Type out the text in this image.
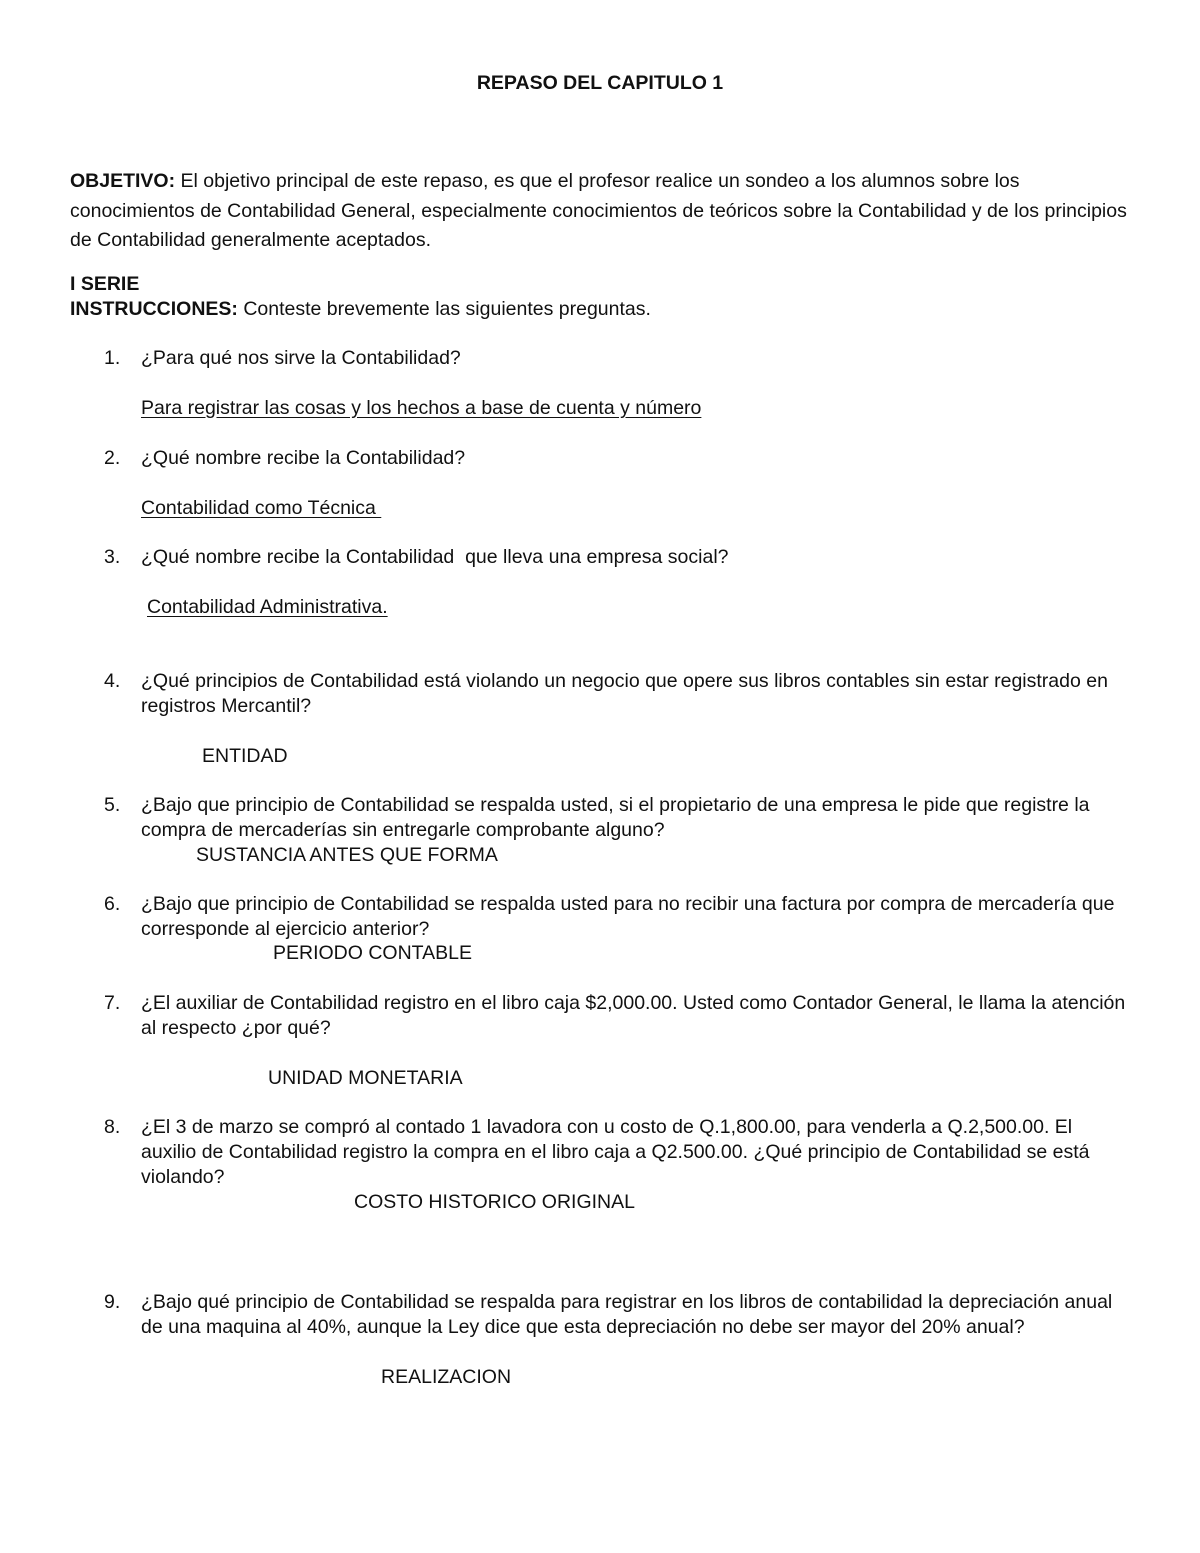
REPASO DEL CAPITULO 1
OBJETIVO: El objetivo principal de este repaso, es que el profesor realice un sondeo a los alumnos sobre los conocimientos de Contabilidad General, especialmente conocimientos de teóricos sobre la Contabilidad y de los principios de Contabilidad generalmente aceptados.
I SERIE
INSTRUCCIONES: Conteste brevemente las siguientes preguntas.
1.	¿Para qué nos sirve la Contabilidad?
Para registrar las cosas y los hechos a base de cuenta y número
2.	¿Qué nombre recibe la Contabilidad?
Contabilidad como Técnica
3.	¿Qué nombre recibe la Contabilidad  que lleva una empresa social?
Contabilidad Administrativa.
4.	¿Qué principios de Contabilidad está violando un negocio que opere sus libros contables sin estar registrado en registros Mercantil?
ENTIDAD
5.	¿Bajo que principio de Contabilidad se respalda usted, si el propietario de una empresa le pide que registre la compra de mercaderías sin entregarle comprobante alguno?
SUSTANCIA ANTES QUE FORMA
6.	¿Bajo que principio de Contabilidad se respalda usted para no recibir una factura por compra de mercadería que corresponde al ejercicio anterior?
PERIODO CONTABLE
7.	¿El auxiliar de Contabilidad registro en el libro caja $2,000.00. Usted como Contador General, le llama la atención al respecto ¿por qué?
UNIDAD MONETARIA
8.	¿El 3 de marzo se compró al contado 1 lavadora con u costo de Q.1,800.00, para venderla a Q.2,500.00. El auxilio de Contabilidad registro la compra en el libro caja a Q2.500.00. ¿Qué principio de Contabilidad se está violando?
COSTO HISTORICO ORIGINAL
9.	¿Bajo qué principio de Contabilidad se respalda para registrar en los libros de contabilidad la depreciación anual de una maquina al 40%, aunque la Ley dice que esta depreciación no debe ser mayor del 20% anual?
REALIZACION
